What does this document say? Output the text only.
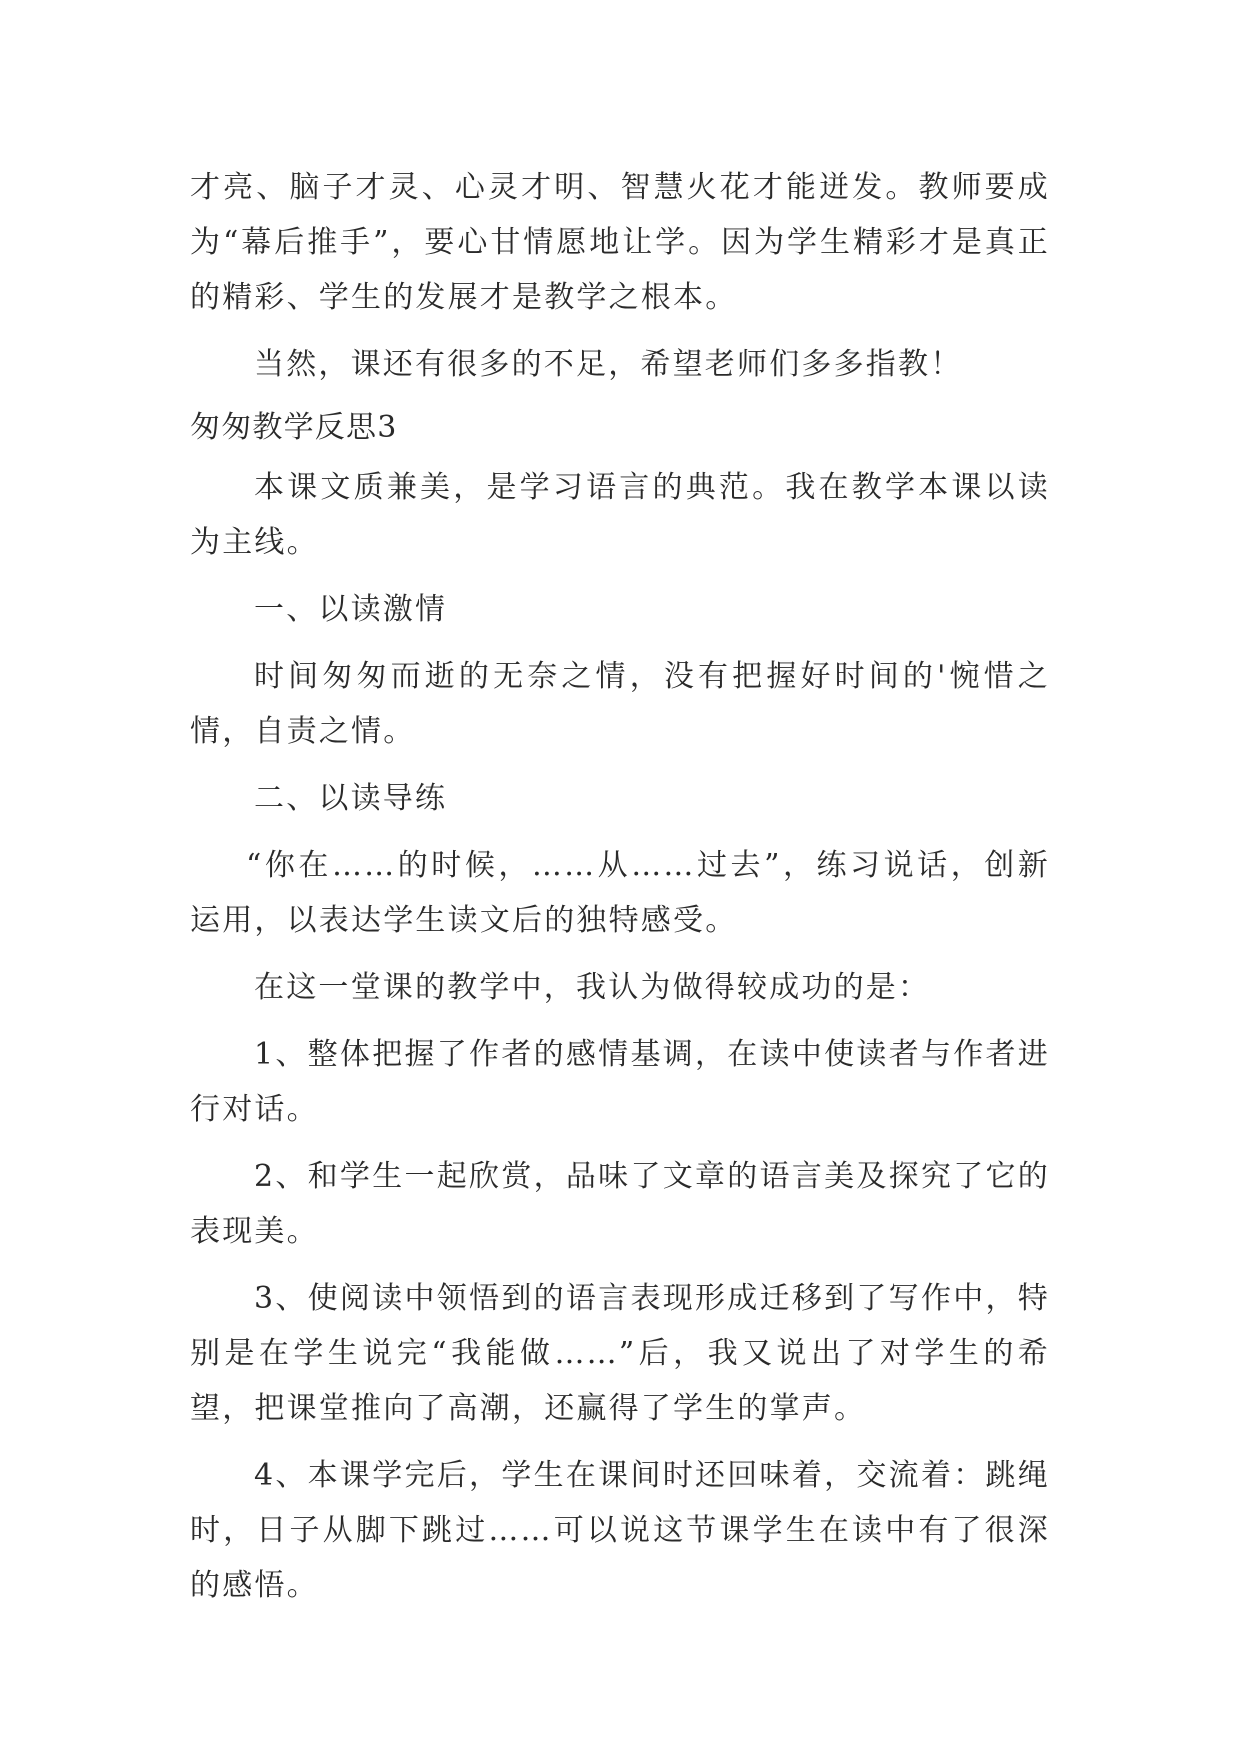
才亮、脑子才灵、心灵才明、智慧火花才能迸发。教师要成为“幕后推手”，要心甘情愿地让学。因为学生精彩才是真正的精彩、学生的发展才是教学之根本。

当然，课还有很多的不足，希望老师们多多指教！

匆匆教学反思3

本课文质兼美，是学习语言的典范。我在教学本课以读为主线。

一、以读激情

时间匆匆而逝的无奈之情，没有把握好时间的'惋惜之情，自责之情。

二、以读导练

“你在……的时候，……从……过去”，练习说话，创新运用，以表达学生读文后的独特感受。

在这一堂课的教学中，我认为做得较成功的是：

1、整体把握了作者的感情基调，在读中使读者与作者进行对话。

2、和学生一起欣赏，品味了文章的语言美及探究了它的表现美。

3、使阅读中领悟到的语言表现形成迁移到了写作中，特别是在学生说完“我能做……”后，我又说出了对学生的希望，把课堂推向了高潮，还赢得了学生的掌声。

4、本课学完后，学生在课间时还回味着，交流着：跳绳时，日子从脚下跳过……可以说这节课学生在读中有了很深的感悟。
